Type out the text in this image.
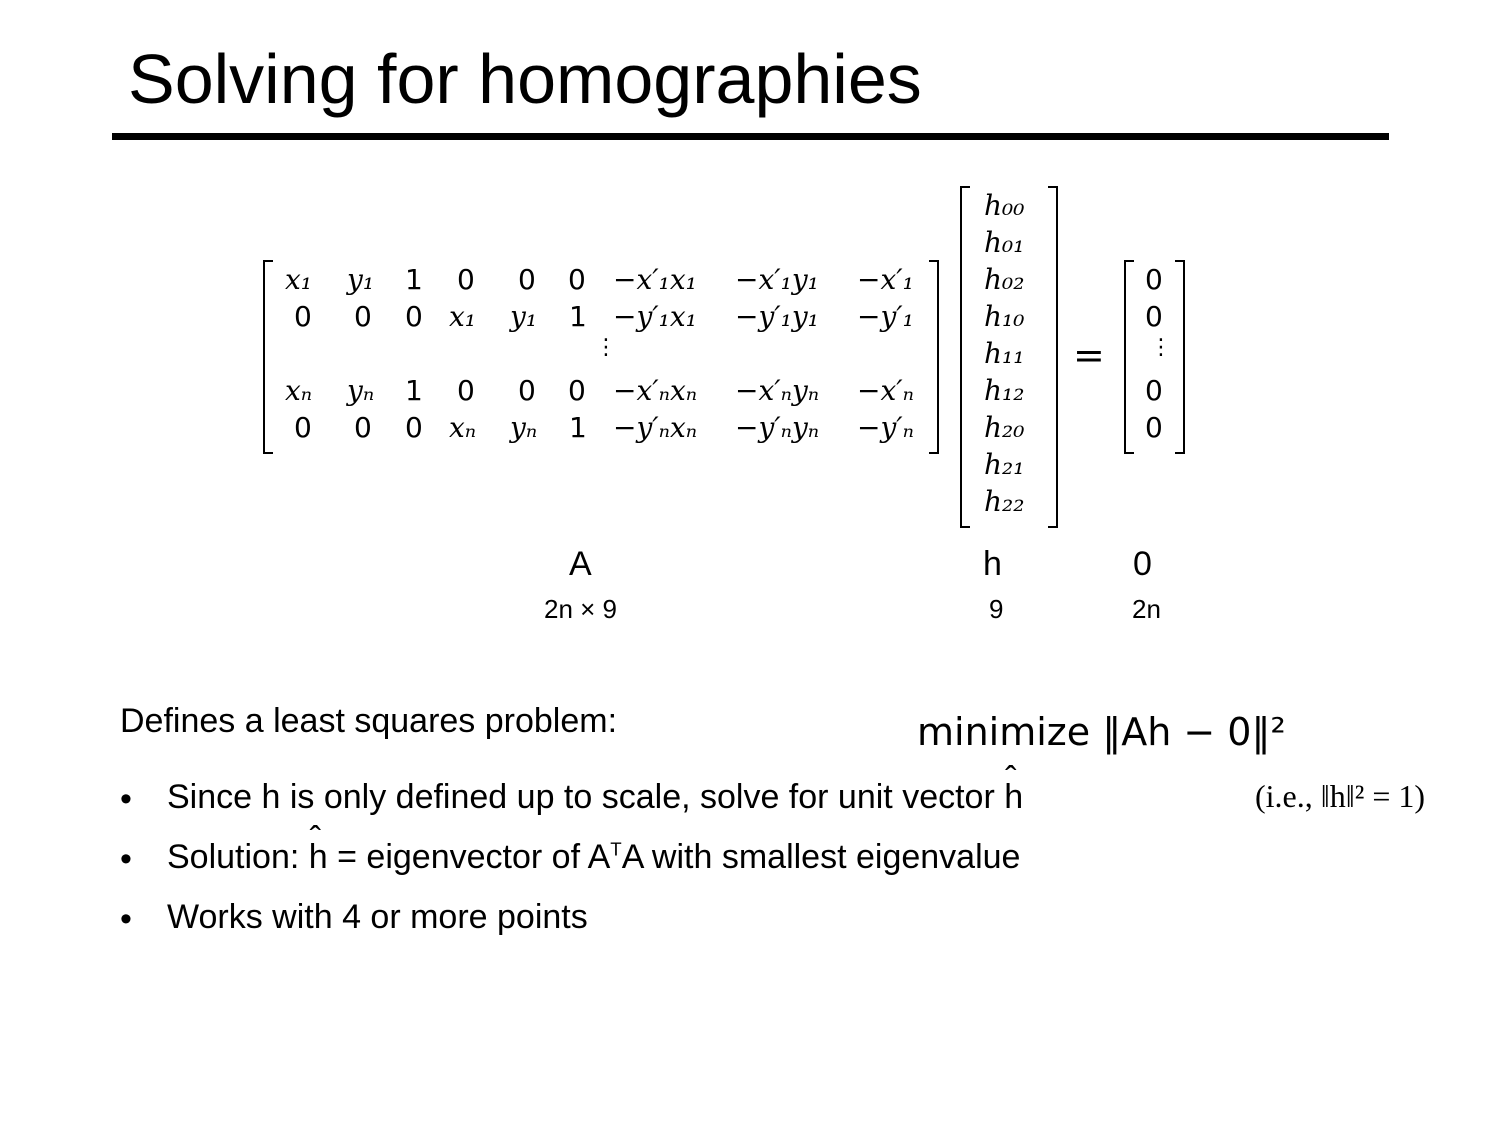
Solving for homographies
x₁ y₁ 1 0 0 0 −x′₁x₁ −x′₁y₁ −x′₁
0 0 0 x₁ y₁ 1 −y′₁x₁ −y′₁y₁ −y′₁
⋮
xₙ yₙ 1 0 0 0 −x′ₙxₙ −x′ₙyₙ −x′ₙ
0 0 0 xₙ yₙ 1 −y′ₙxₙ −y′ₙyₙ −y′ₙ
h₀₀
h₀₁
h₀₂
h₁₀
h₁₁
h₁₂
h₂₀
h₂₁
h₂₂
=
0
0
⋮
0
0
A	h	0
2n × 9	9	2n
Defines a least squares problem:	minimize ‖Ah − 0‖²
• Since h is only defined up to scale, solve for unit vector ˆ h	(i.e., ‖h‖² = 1)
• Solution: ˆ h = eigenvector of $A^TA$ with smallest eigenvalue
• Works with 4 or more points
